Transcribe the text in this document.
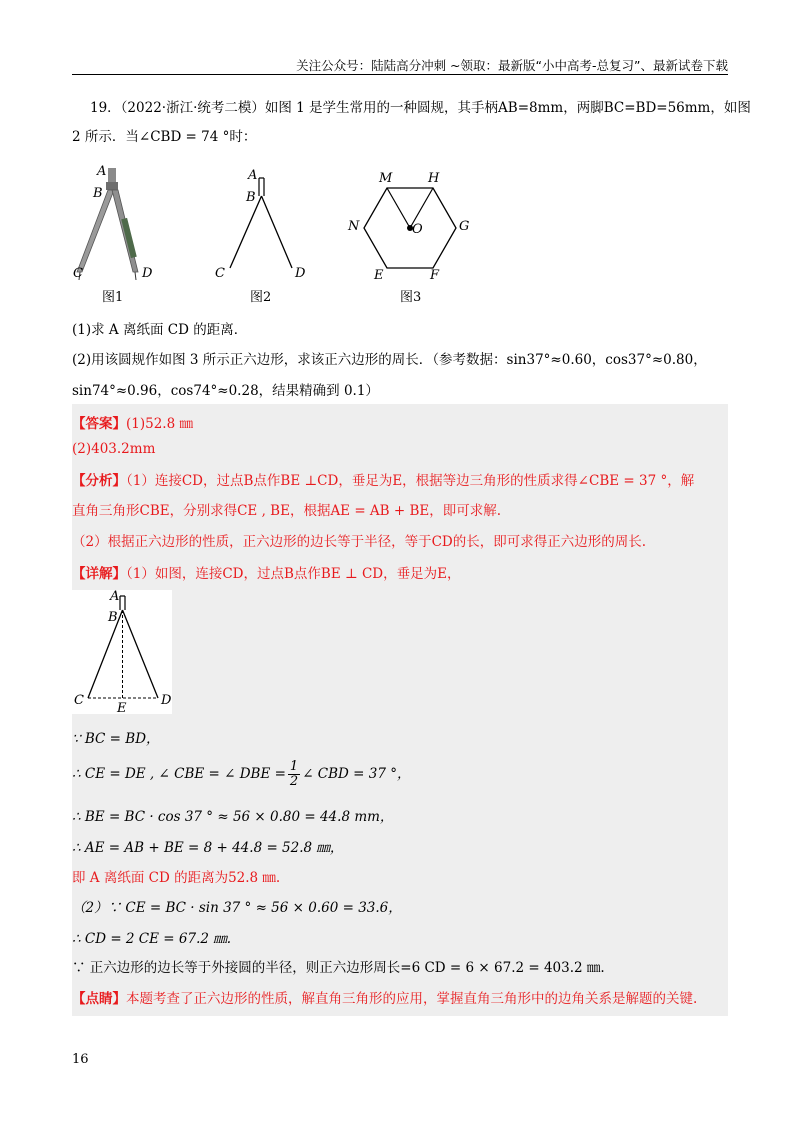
关注公众号：陆陆高分冲刺 ~领取：最新版“小中高考-总复习”、最新试卷下载
19．（2022·浙江·统考二模）如图 1 是学生常用的一种圆规，其手柄AB=8mm，两脚BC=BD=56mm，如图
2 所示．当∠CBD = 74 °时：
A
B
C	D
图1
A
B
C	D
图2
M	H
N	O	G
E	F
图3
(1)求 A 离纸面 CD 的距离．
(2)用该圆规作如图 3 所示正六边形，求该正六边形的周长．（参考数据：sin37°≈0.60，cos37°≈0.80，
sin74°≈0.96，cos74°≈0.28，结果精确到 0.1）
【答案】(1)52.8 ㎜
(2)403.2mm
【分析】（1）连接CD，过点B点作BE ⊥CD，垂足为E，根据等边三角形的性质求得∠CBE = 37 °，解
直角三角形CBE，分别求得CE , BE，根据AE = AB + BE，即可求解.
（2）根据正六边形的性质，正六边形的边长等于半径，等于CD的长，即可求得正六边形的周长.
【详解】（1）如图，连接CD，过点B点作BE ⊥ CD，垂足为E，
A
B
C	D
E
∵ BC = BD，
∴ CE = DE , ∠ CBE = ∠ DBE = $\frac{1}{2}$ ∠ CBD = 37 °，
∴ BE = BC · cos 37 ° ≈ 56 × 0.80 = 44.8 mm，
∴ AE = AB + BE = 8 + 44.8 = 52.8 ㎜，
即 A 离纸面 CD 的距离为52.8 ㎜.
（2）∵ CE = BC · sin 37 ° ≈ 56 × 0.60 = 33.6，
∴ CD = 2 CE = 67.2 ㎜.
∵ 正六边形的边长等于外接圆的半径，则正六边形周长=6 CD = 6 × 67.2 = 403.2 ㎜.
【点睛】本题考查了正六边形的性质，解直角三角形的应用，掌握直角三角形中的边角关系是解题的关键.
16
